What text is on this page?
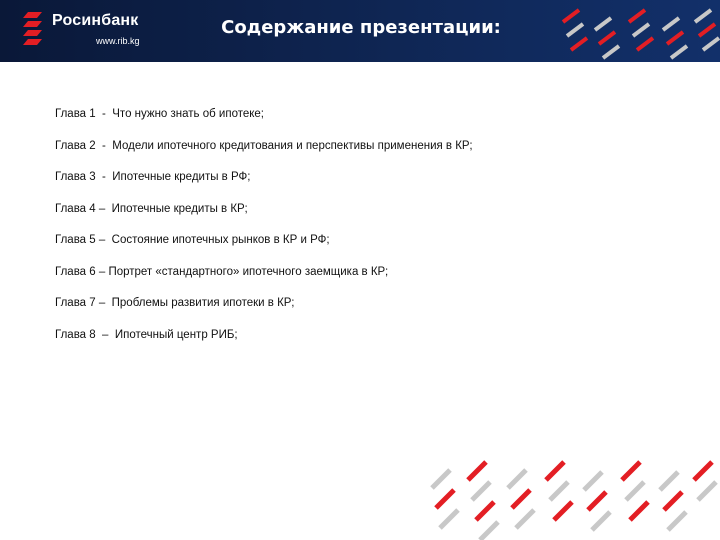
Росинбанк
www.rib.kg
Содержание презентации:
Глава 1  -  Что нужно знать об ипотеке;
Глава 2  -  Модели ипотечного кредитования и перспективы применения в КР;
Глава 3  -  Ипотечные кредиты в РФ;
Глава 4 –  Ипотечные кредиты в КР;
Глава 5 –  Состояние ипотечных рынков в КР и РФ;
Глава 6 – Портрет «стандартного» ипотечного заемщика в КР;
Глава 7 –  Проблемы развития ипотеки в КР;
Глава 8  –  Ипотечный центр РИБ;
